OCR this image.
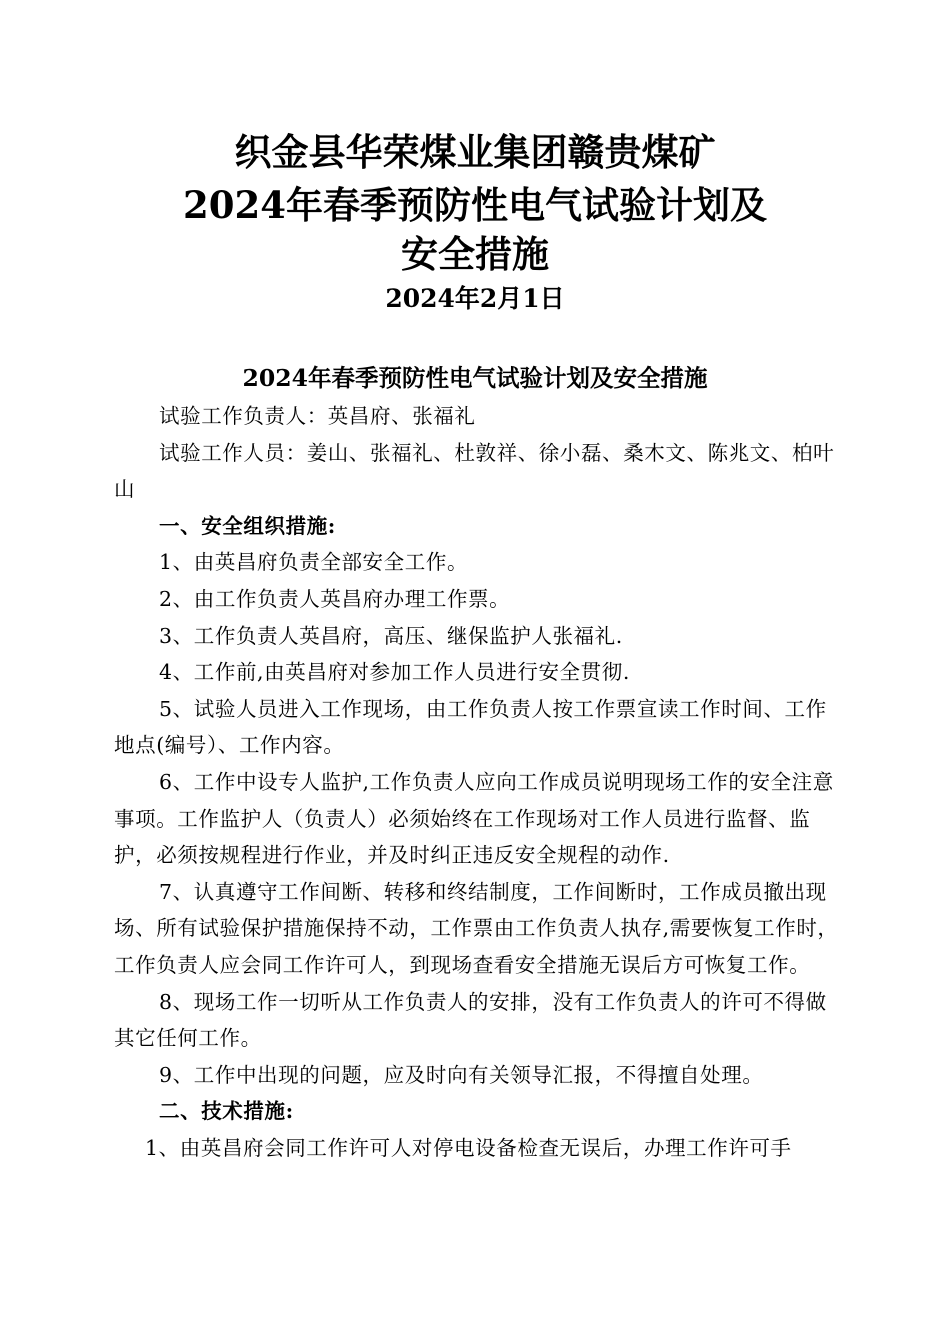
织金县华荣煤业集团赣贵煤矿
2024年春季预防性电气试验计划及
安全措施
2024年2月1日
2024年春季预防性电气试验计划及安全措施

试验工作负责人：英昌府、张福礼

试验工作人员：姜山、张福礼、杜敦祥、徐小磊、桑木文、陈兆文、柏叶山

一、安全组织措施:

1、由英昌府负责全部安全工作。

2、由工作负责人英昌府办理工作票。

3、工作负责人英昌府，高压、继保监护人张福礼.

4、工作前,由英昌府对参加工作人员进行安全贯彻.

5、试验人员进入工作现场，由工作负责人按工作票宣读工作时间、工作地点(编号）、工作内容。

6、工作中设专人监护,工作负责人应向工作成员说明现场工作的安全注意事项。工作监护人（负责人）必须始终在工作现场对工作人员进行监督、监护，必须按规程进行作业，并及时纠正违反安全规程的动作.

7、认真遵守工作间断、转移和终结制度，工作间断时，工作成员撤出现场、所有试验保护措施保持不动，工作票由工作负责人执存,需要恢复工作时，工作负责人应会同工作许可人，到现场查看安全措施无误后方可恢复工作。

8、现场工作一切听从工作负责人的安排，没有工作负责人的许可不得做其它任何工作。

9、工作中出现的问题，应及时向有关领导汇报，不得擅自处理。

二、技术措施:

1、由英昌府会同工作许可人对停电设备检查无误后，办理工作许可手
